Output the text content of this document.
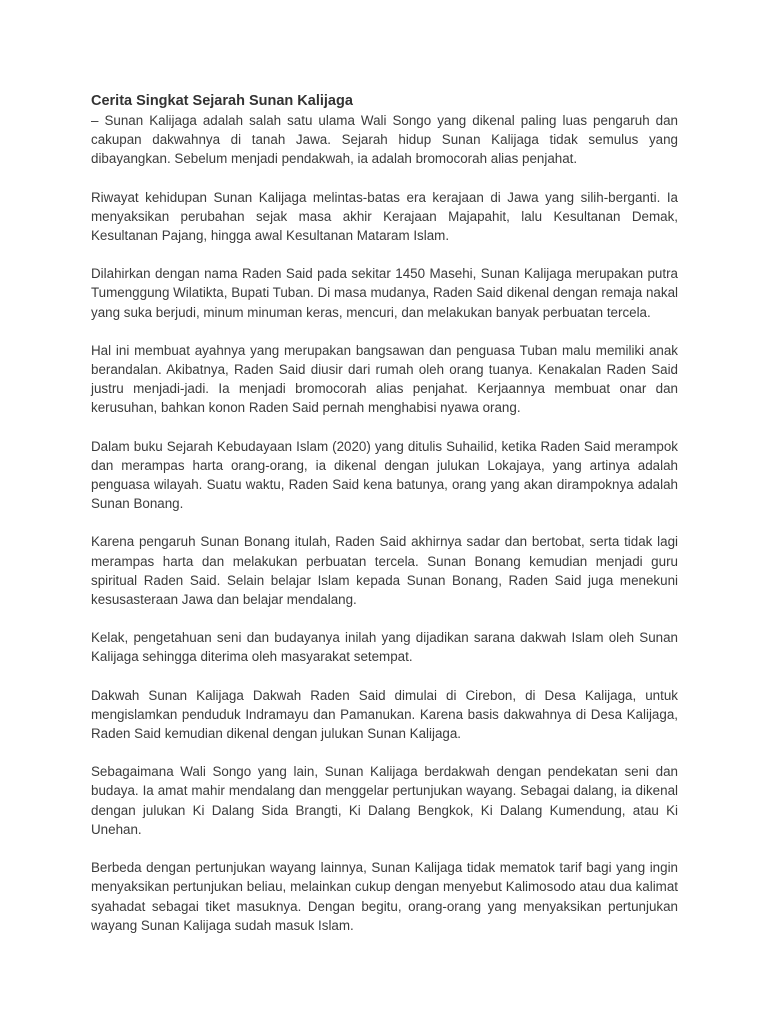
Cerita Singkat Sejarah Sunan Kalijaga

– Sunan Kalijaga adalah salah satu ulama Wali Songo yang dikenal paling luas pengaruh dan cakupan dakwahnya di tanah Jawa. Sejarah hidup Sunan Kalijaga tidak semulus yang dibayangkan. Sebelum menjadi pendakwah, ia adalah bromocorah alias penjahat.

Riwayat kehidupan Sunan Kalijaga melintas-batas era kerajaan di Jawa yang silih-berganti. Ia menyaksikan perubahan sejak masa akhir Kerajaan Majapahit, lalu Kesultanan Demak, Kesultanan Pajang, hingga awal Kesultanan Mataram Islam.

Dilahirkan dengan nama Raden Said pada sekitar 1450 Masehi, Sunan Kalijaga merupakan putra Tumenggung Wilatikta, Bupati Tuban. Di masa mudanya, Raden Said dikenal dengan remaja nakal yang suka berjudi, minum minuman keras, mencuri, dan melakukan banyak perbuatan tercela.

Hal ini membuat ayahnya yang merupakan bangsawan dan penguasa Tuban malu memiliki anak berandalan. Akibatnya, Raden Said diusir dari rumah oleh orang tuanya. Kenakalan Raden Said justru menjadi-jadi. Ia menjadi bromocorah alias penjahat. Kerjaannya membuat onar dan kerusuhan, bahkan konon Raden Said pernah menghabisi nyawa orang.

Dalam buku Sejarah Kebudayaan Islam (2020) yang ditulis Suhailid, ketika Raden Said merampok dan merampas harta orang-orang, ia dikenal dengan julukan Lokajaya, yang artinya adalah penguasa wilayah. Suatu waktu, Raden Said kena batunya, orang yang akan dirampoknya adalah Sunan Bonang.

Karena pengaruh Sunan Bonang itulah, Raden Said akhirnya sadar dan bertobat, serta tidak lagi merampas harta dan melakukan perbuatan tercela. Sunan Bonang kemudian menjadi guru spiritual Raden Said. Selain belajar Islam kepada Sunan Bonang, Raden Said juga menekuni kesusasteraan Jawa dan belajar mendalang.

Kelak, pengetahuan seni dan budayanya inilah yang dijadikan sarana dakwah Islam oleh Sunan Kalijaga sehingga diterima oleh masyarakat setempat.

Dakwah Sunan Kalijaga Dakwah Raden Said dimulai di Cirebon, di Desa Kalijaga, untuk mengislamkan penduduk Indramayu dan Pamanukan. Karena basis dakwahnya di Desa Kalijaga, Raden Said kemudian dikenal dengan julukan Sunan Kalijaga.

Sebagaimana Wali Songo yang lain, Sunan Kalijaga berdakwah dengan pendekatan seni dan budaya. Ia amat mahir mendalang dan menggelar pertunjukan wayang. Sebagai dalang, ia dikenal dengan julukan Ki Dalang Sida Brangti, Ki Dalang Bengkok, Ki Dalang Kumendung, atau Ki Unehan.

Berbeda dengan pertunjukan wayang lainnya, Sunan Kalijaga tidak mematok tarif bagi yang ingin menyaksikan pertunjukan beliau, melainkan cukup dengan menyebut Kalimosodo atau dua kalimat syahadat sebagai tiket masuknya. Dengan begitu, orang-orang yang menyaksikan pertunjukan wayang Sunan Kalijaga sudah masuk Islam.
